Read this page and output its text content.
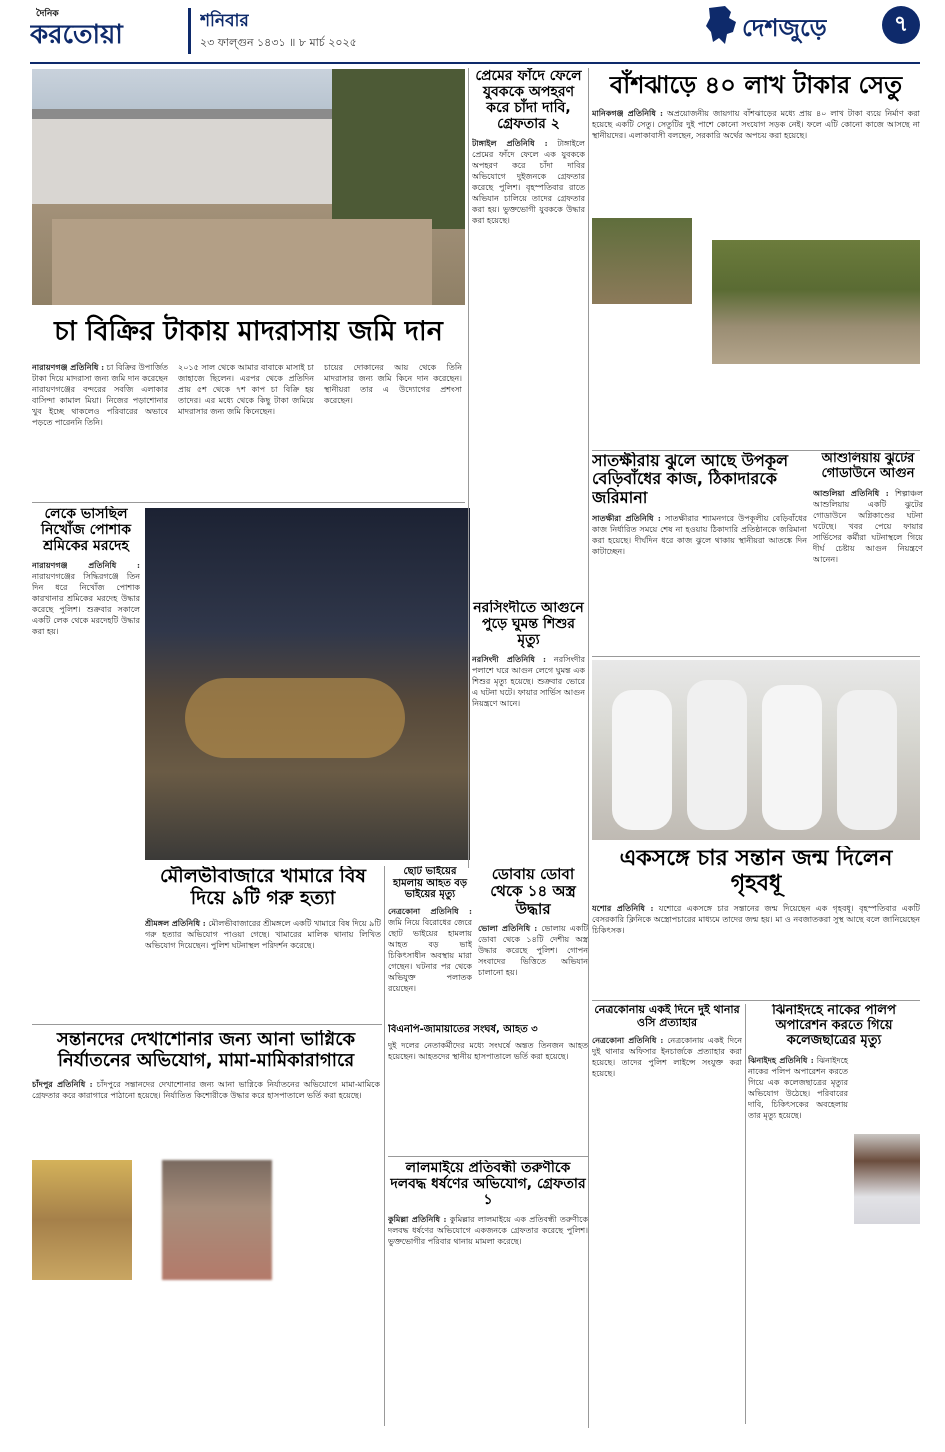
দৈনিক
করতোয়া	শনিবার
২৩ ফাল্গুন ১৪৩১ ॥ ৮ মার্চ ২০২৫
দেশজুড়ে	৭
চা বিক্রির টাকায় মাদরাসায় জমি দান
নারায়ণগঞ্জ প্রতিনিধি : চা বিক্রির উপার্জিত টাকা দিয়ে মাদরাসা জন্য জমি দান করেছেন নারায়ণগঞ্জের বন্দরের সবজি এলাকার বাসিন্দা কামাল মিয়া। নিজের পড়াশোনার খুব ইচ্ছে থাকলেও পরিবারের অভাবে পড়তে পারেননি তিনি।
২০১৫ সাল থেকে আমার বাবাকে মাসাই চা জাহাজে ছিলেন। এরপর থেকে প্রতিদিন প্রায় ৫শ থেকে ৭শ কাপ চা বিক্রি হয় তাদের। এর মধ্যে থেকে কিছু টাকা জমিয়ে মাদরাসার জন্য জমি কিনেছেন।
চায়ের দোকানের আয় থেকে তিনি মাদরাসার জন্য জমি কিনে দান করেছেন। স্থানীয়রা তার এ উদ্যোগের প্রশংসা করেছেন।
প্রেমের ফাঁদে ফেলে যুবককে অপহরণ করে চাঁদা দাবি, গ্রেফতার ২
টাঙ্গাইল প্রতিনিধি : টাঙ্গাইলে প্রেমের ফাঁদে ফেলে এক যুবককে অপহরণ করে চাঁদা দাবির অভিযোগে দুইজনকে গ্রেফতার করেছে পুলিশ। বৃহস্পতিবার রাতে অভিযান চালিয়ে তাদের গ্রেফতার করা হয়। ভুক্তভোগী যুবককে উদ্ধার করা হয়েছে।
বাঁশঝাড়ে ৪০ লাখ টাকার সেতু
মানিকগঞ্জ প্রতিনিধি : অপ্রয়োজনীয় জায়গায় বাঁশঝাড়ের মধ্যে প্রায় ৪০ লাখ টাকা ব্যয়ে নির্মাণ করা হয়েছে একটি সেতু। সেতুটির দুই পাশে কোনো সংযোগ সড়ক নেই। ফলে এটি কোনো কাজে আসছে না স্থানীয়দের। এলাকাবাসী বলছেন, সরকারি অর্থের অপচয় করা হয়েছে।
সাতক্ষীরায় ঝুলে আছে উপকূল বেড়িবাঁধের কাজ, ঠিকাদারকে জরিমানা
সাতক্ষীরা প্রতিনিধি : সাতক্ষীরার শ্যামনগরে উপকূলীয় বেড়িবাঁধের কাজ নির্ধারিত সময়ে শেষ না হওয়ায় ঠিকাদারি প্রতিষ্ঠানকে জরিমানা করা হয়েছে। দীর্ঘদিন ধরে কাজ ঝুলে থাকায় স্থানীয়রা আতঙ্কে দিন কাটাচ্ছেন।
আশুলিয়ায় ঝুটের গোডাউনে আগুন
আশুলিয়া প্রতিনিধি : শিল্পাঞ্চল আশুলিয়ায় একটি ঝুটের গোডাউনে অগ্নিকাণ্ডের ঘটনা ঘটেছে। খবর পেয়ে ফায়ার সার্ভিসের কর্মীরা ঘটনাস্থলে গিয়ে দীর্ঘ চেষ্টায় আগুন নিয়ন্ত্রণে আনেন।
লেকে ভাসছিল নিখোঁজ পোশাক শ্রমিকের মরদেহ
নারায়ণগঞ্জ প্রতিনিধি : নারায়ণগঞ্জের সিদ্ধিরগঞ্জে তিন দিন ধরে নিখোঁজ পোশাক কারখানার শ্রমিকের মরদেহ উদ্ধার করেছে পুলিশ। শুক্রবার সকালে একটি লেক থেকে মরদেহটি উদ্ধার করা হয়।
নরসিংদীতে আগুনে পুড়ে ঘুমন্ত শিশুর মৃত্যু
নরসিংদী প্রতিনিধি : নরসিংদীর পলাশে ঘরে আগুন লেগে ঘুমন্ত এক শিশুর মৃত্যু হয়েছে। শুক্রবার ভোরে এ ঘটনা ঘটে। ফায়ার সার্ভিস আগুন নিয়ন্ত্রণে আনে।
একসঙ্গে চার সন্তান জন্ম দিলেন গৃহবধূ
যশোর প্রতিনিধি : যশোরে একসঙ্গে চার সন্তানের জন্ম দিয়েছেন এক গৃহবধূ। বৃহস্পতিবার একটি বেসরকারি ক্লিনিকে অস্ত্রোপচারের মাধ্যমে তাদের জন্ম হয়। মা ও নবজাতকরা সুস্থ আছে বলে জানিয়েছেন চিকিৎসক।
মৌলভীবাজারে খামারে বিষ দিয়ে ৯টি গরু হত্যা
শ্রীমঙ্গল প্রতিনিধি : মৌলভীবাজারের শ্রীমঙ্গলে একটি খামারে বিষ দিয়ে ৯টি গরু হত্যার অভিযোগ পাওয়া গেছে। খামারের মালিক থানায় লিখিত অভিযোগ দিয়েছেন। পুলিশ ঘটনাস্থল পরিদর্শন করেছে।
ছোট ভাইয়ের হামলায় আহত বড় ভাইয়ের মৃত্যু
নেত্রকোনা প্রতিনিধি : জমি নিয়ে বিরোধের জেরে ছোট ভাইয়ের হামলায় আহত বড় ভাই চিকিৎসাধীন অবস্থায় মারা গেছেন। ঘটনার পর থেকে অভিযুক্ত পলাতক রয়েছেন।
বিএনপি-জামায়াতের সংঘর্ষ, আহত ৩
দুই দলের নেতাকর্মীদের মধ্যে সংঘর্ষে অন্তত তিনজন আহত হয়েছেন। আহতদের স্থানীয় হাসপাতালে ভর্তি করা হয়েছে।
ডোবায় ডোবা থেকে ১৪ অস্ত্র উদ্ধার
ভোলা প্রতিনিধি : ভোলায় একটি ডোবা থেকে ১৪টি দেশীয় অস্ত্র উদ্ধার করেছে পুলিশ। গোপন সংবাদের ভিত্তিতে অভিযান চালানো হয়।
নেত্রকোনায় একই দিনে দুই থানার ওসি প্রত্যাহার
নেত্রকোনা প্রতিনিধি : নেত্রকোনায় একই দিনে দুই থানার অফিসার ইনচার্জকে প্রত্যাহার করা হয়েছে। তাদের পুলিশ লাইন্সে সংযুক্ত করা হয়েছে।
ঝিনাইদহে নাকের পলিপ অপারেশন করতে গিয়ে কলেজছাত্রের মৃত্যু
ঝিনাইদহ প্রতিনিধি : ঝিনাইদহে নাকের পলিপ অপারেশন করতে গিয়ে এক কলেজছাত্রের মৃত্যুর অভিযোগ উঠেছে। পরিবারের দাবি, চিকিৎসকের অবহেলায় তার মৃত্যু হয়েছে।
সন্তানদের দেখাশোনার জন্য আনা ভাগ্নিকে নির্যাতনের অভিযোগ, মামা-মামিকারাগারে
চাঁদপুর প্রতিনিধি : চাঁদপুরে সন্তানদের দেখাশোনার জন্য আনা ভাগ্নিকে নির্যাতনের অভিযোগে মামা-মামিকে গ্রেফতার করে কারাগারে পাঠানো হয়েছে। নির্যাতিত কিশোরীকে উদ্ধার করে হাসপাতালে ভর্তি করা হয়েছে।
লালমাইয়ে প্রতিবন্ধী তরুণীকে দলবদ্ধ ধর্ষণের অভিযোগ, গ্রেফতার ১
কুমিল্লা প্রতিনিধি : কুমিল্লার লালমাইয়ে এক প্রতিবন্ধী তরুণীকে দলবদ্ধ ধর্ষণের অভিযোগে একজনকে গ্রেফতার করেছে পুলিশ। ভুক্তভোগীর পরিবার থানায় মামলা করেছে।
